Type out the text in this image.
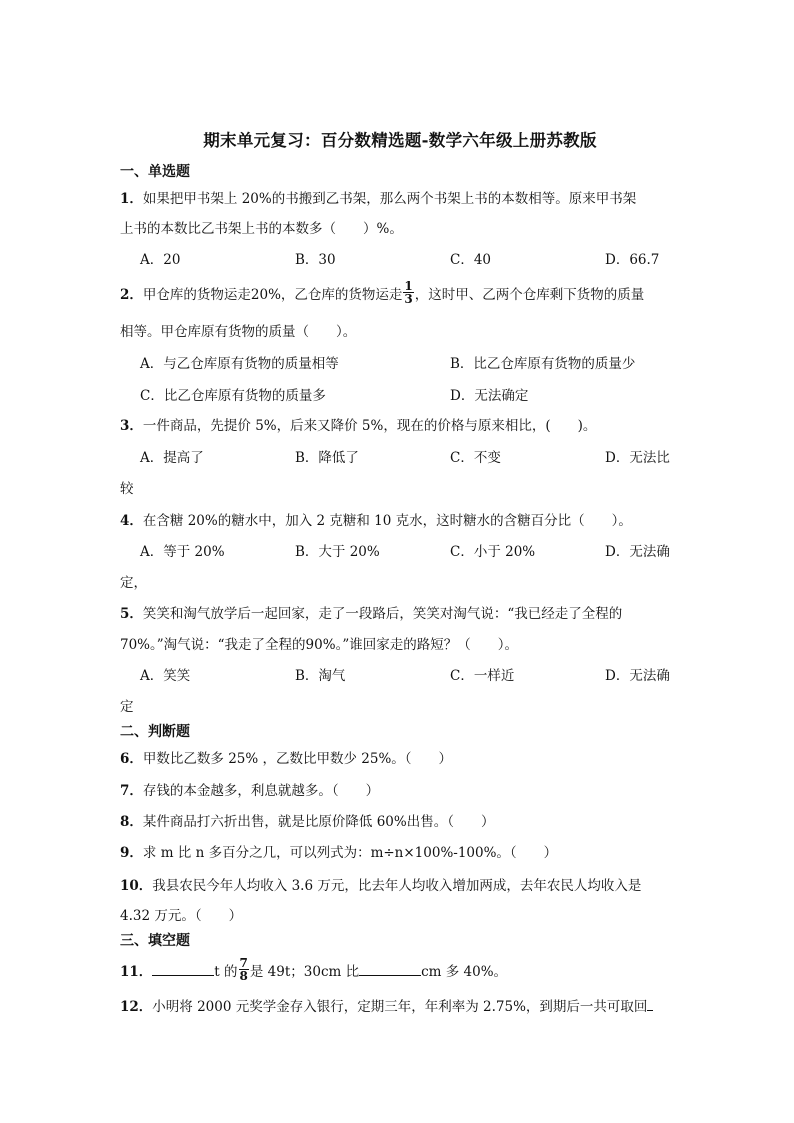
期末单元复习：百分数精选题-数学六年级上册苏教版
一、单选题
1．如果把甲书架上 20%的书搬到乙书架，那么两个书架上书的本数相等。原来甲书架
上书的本数比乙书架上书的本数多（　　）%。
A．20	B．30	C．40	D．66.7
2．甲仓库的货物运走20%，乙仓库的货物运走 $\frac{1}{3}$ ，这时甲、乙两个仓库剩下货物的质量
相等。甲仓库原有货物的质量（　　）。
A．与乙仓库原有货物的质量相等	B．比乙仓库原有货物的质量少
C．比乙仓库原有货物的质量多	D．无法确定
3．一件商品，先提价 5%，后来又降价 5%，现在的价格与原来相比，(　　)。
A．提高了	B．降低了	C．不变	D．无法比
较
4．在含糖 20%的糖水中，加入 2 克糖和 10 克水，这时糖水的含糖百分比（　　）。
A．等于 20%	B．大于 20%	C．小于 20%	D．无法确
定，
5．笑笑和淘气放学后一起回家，走了一段路后，笑笑对淘气说：“我已经走了全程的
70%。”淘气说：“我走了全程的90%。”谁回家走的路短？（　　）。
A．笑笑	B．淘气	C．一样近	D．无法确
定
二、判断题
6．甲数比乙数多 25% ，乙数比甲数少 25%。（　　）
7．存钱的本金越多，利息就越多。（　　）
8．某件商品打六折出售，就是比原价降低 60%出售。（　　）
9．求 m 比 n 多百分之几，可以列式为：m÷n×100%-100%。（　　）
10．我县农民今年人均收入 3.6 万元，比去年人均收入增加两成，去年农民人均收入是
4.32 万元。（　　）
三、填空题
11．	t 的 $\frac{7}{8}$ 是 49t；30cm 比	cm 多 40%。
12．小明将 2000 元奖学金存入银行，定期三年，年利率为 2.75%，到期后一共可取回
